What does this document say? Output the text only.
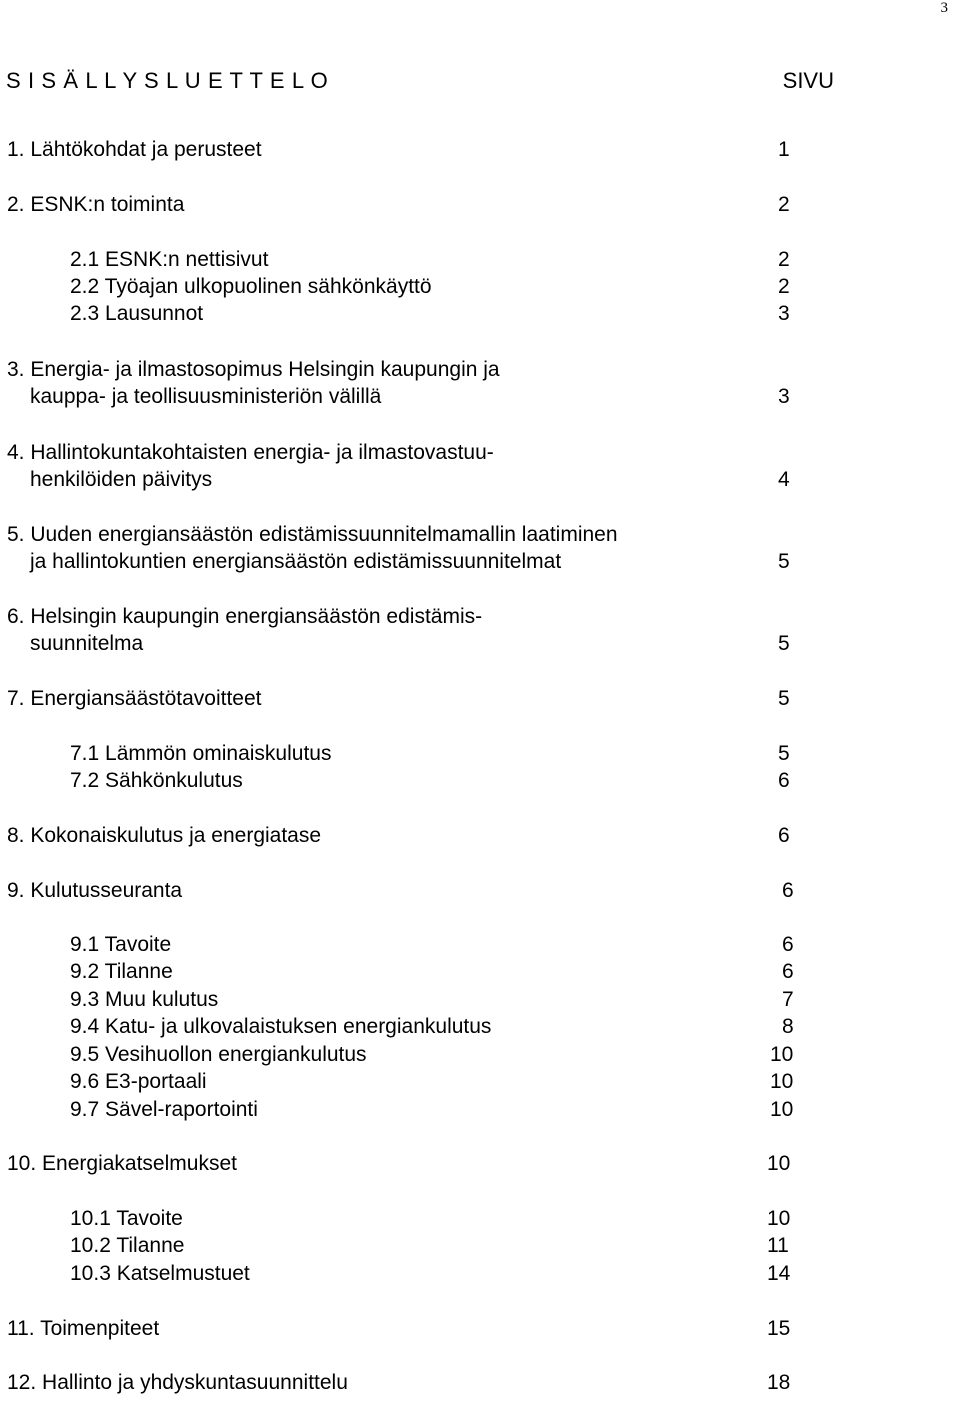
3
S I S Ä L L Y S L U E T T E L O	SIVU
1. Lähtökohdat ja perusteet	1
2. ESNK:n toiminta	2
2.1 ESNK:n nettisivut	2
2.2 Työajan ulkopuolinen sähkönkäyttö	2
2.3 Lausunnot	3
3. Energia- ja ilmastosopimus Helsingin kaupungin ja
kauppa- ja teollisuusministeriön välillä	3
4. Hallintokuntakohtaisten energia- ja ilmastovastuu-
henkilöiden päivitys	4
5. Uuden energiansäästön edistämissuunnitelmamallin laatiminen
ja hallintokuntien energiansäästön edistämissuunnitelmat	5
6. Helsingin kaupungin energiansäästön edistämis-
suunnitelma	5
7. Energiansäästötavoitteet	5
7.1 Lämmön ominaiskulutus	5
7.2 Sähkönkulutus	6
8. Kokonaiskulutus ja energiatase	6
9. Kulutusseuranta	6
9.1 Tavoite	6
9.2 Tilanne	6
9.3 Muu kulutus	7
9.4 Katu- ja ulkovalaistuksen energiankulutus	8
9.5 Vesihuollon energiankulutus	10
9.6 E3-portaali	10
9.7 Sävel-raportointi	10
10. Energiakatselmukset	10
10.1 Tavoite	10
10.2 Tilanne	11
10.3 Katselmustuet	14
11. Toimenpiteet	15
12. Hallinto ja yhdyskuntasuunnittelu	18
